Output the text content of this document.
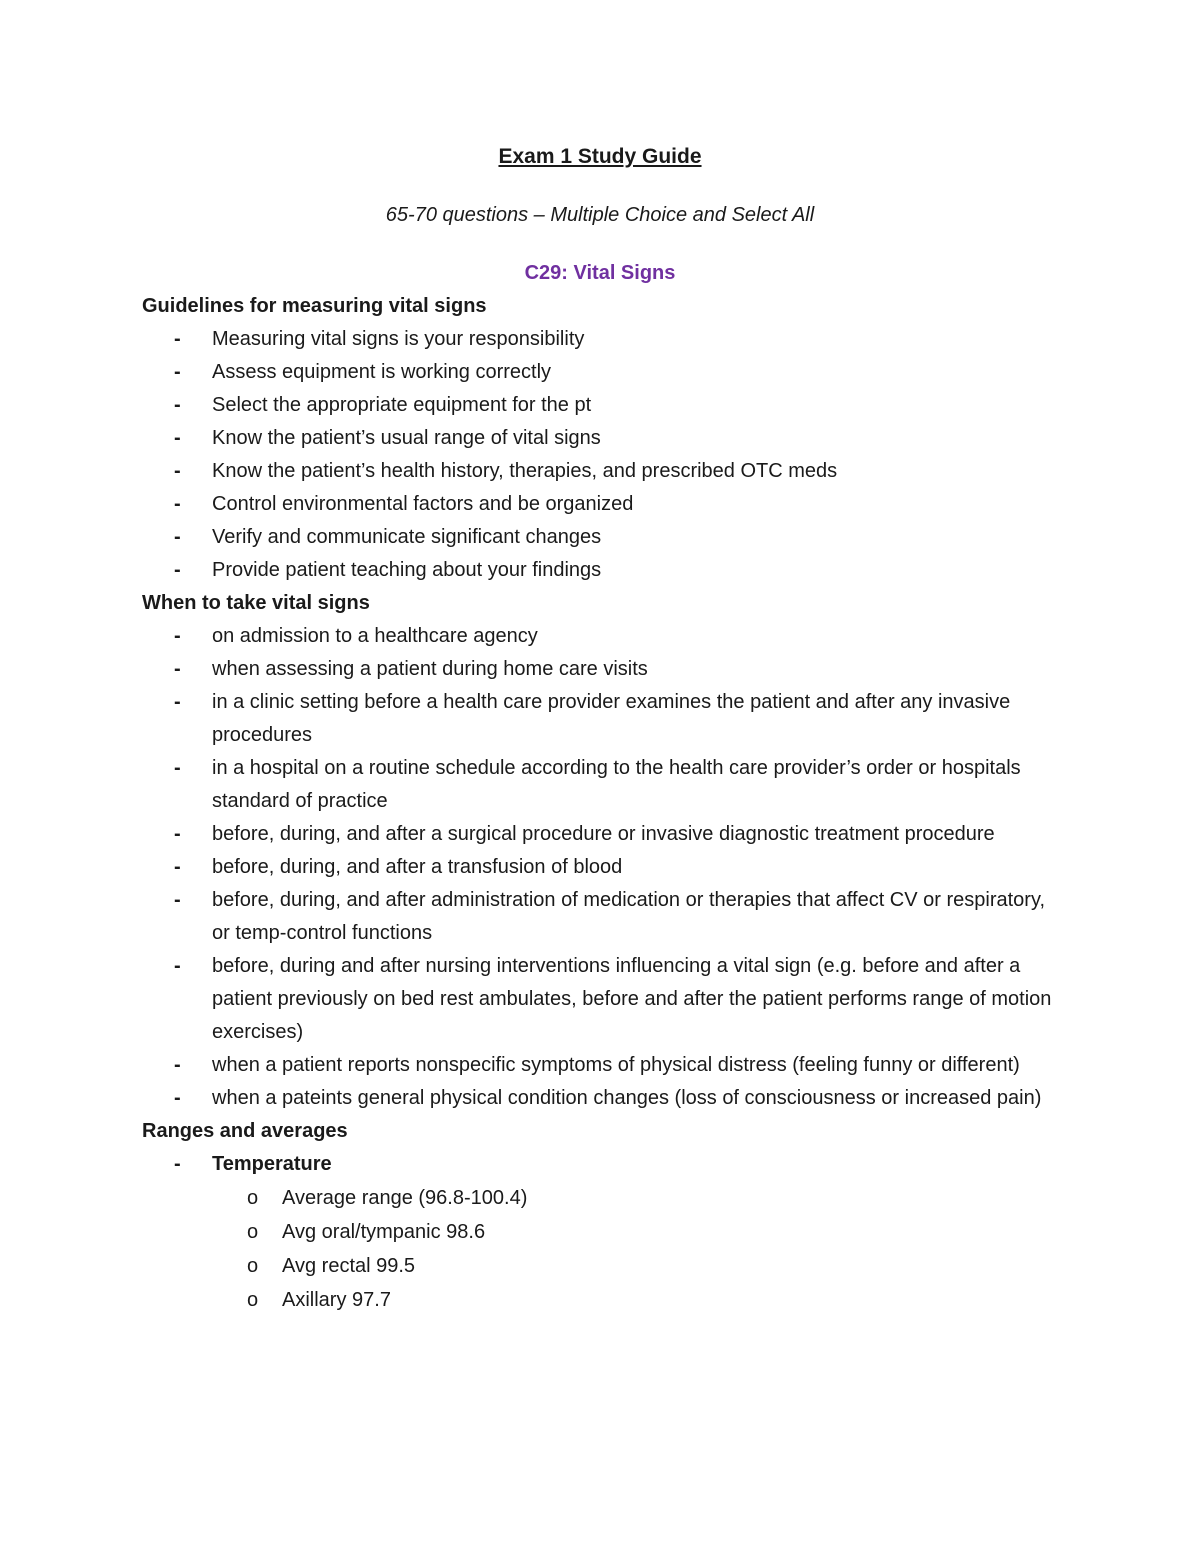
Exam 1 Study Guide
65-70 questions – Multiple Choice and Select All
C29: Vital Signs
Guidelines for measuring vital signs
- Measuring vital signs is your responsibility
- Assess equipment is working correctly
- Select the appropriate equipment for the pt
- Know the patient’s usual range of vital signs
- Know the patient’s health history, therapies, and prescribed OTC meds
- Control environmental factors and be organized
- Verify and communicate significant changes
- Provide patient teaching about your findings
When to take vital signs
- on admission to a healthcare agency
- when assessing a patient during home care visits
- in a clinic setting before a health care provider examines the patient and after any invasive procedures
- in a hospital on a routine schedule according to the health care provider’s order or hospitals standard of practice
- before, during, and after a surgical procedure or invasive diagnostic treatment procedure
- before, during, and after a transfusion of blood
- before, during, and after administration of medication or therapies that affect CV or respiratory, or temp-control functions
- before, during and after nursing interventions influencing a vital sign (e.g. before and after a patient previously on bed rest ambulates, before and after the patient performs range of motion exercises)
- when a patient reports nonspecific symptoms of physical distress (feeling funny or different)
- when a pateints general physical condition changes (loss of consciousness or increased pain)
Ranges and averages
- Temperature
o Average range (96.8-100.4)
o Avg oral/tympanic 98.6
o Avg rectal 99.5
o Axillary 97.7
